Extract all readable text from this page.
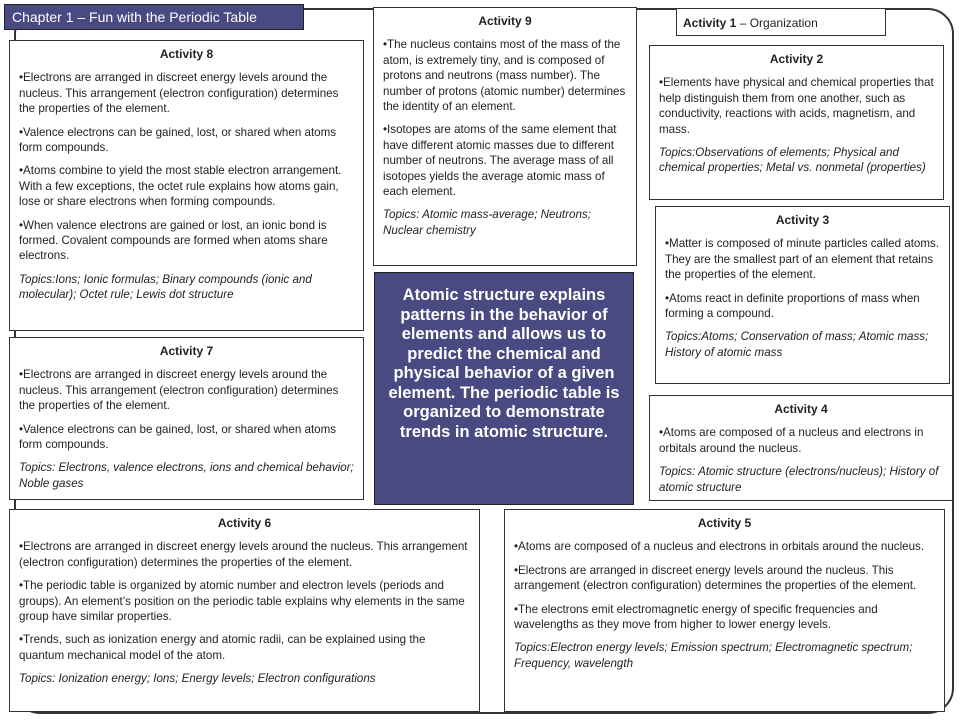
Chapter 1 – Fun with the Periodic Table	Activity 1 – Organization
Activity 8

•Electrons are arranged in discreet energy levels around the nucleus. This arrangement (electron configuration) determines the properties of the element.

•Valence electrons can be gained, lost, or shared when atoms form compounds.

•Atoms combine to yield the most stable electron arrangement. With a few exceptions, the octet rule explains how atoms gain, lose or share electrons when forming compounds.

•When valence electrons are gained or lost, an ionic bond is formed. Covalent compounds are formed when atoms share electrons.

Topics:Ions; Ionic formulas; Binary compounds (ionic and molecular); Octet rule; Lewis dot structure

Activity 9

•The nucleus contains most of the mass of the atom, is extremely tiny, and is composed of protons and neutrons (mass number). The number of protons (atomic number) determines the identity of an element.

•Isotopes are atoms of the same element that have different atomic masses due to different number of neutrons. The average mass of all isotopes yields the average atomic mass of each element.

Topics: Atomic mass-average; Neutrons; Nuclear chemistry

Activity 2

•Elements have physical and chemical properties that help distinguish them from one another, such as conductivity, reactions with acids, magnetism, and mass.

Topics:Observations of elements; Physical and chemical properties; Metal vs. nonmetal (properties)

Activity 3

•Matter is composed of minute particles called atoms. They are the smallest part of an element that retains the properties of the element.

•Atoms react in definite proportions of mass when forming a compound.

Topics:Atoms; Conservation of mass; Atomic mass; History of atomic mass

Activity 7

•Electrons are arranged in discreet energy levels around the nucleus. This arrangement (electron configuration) determines the properties of the element.

•Valence electrons can be gained, lost, or shared when atoms form compounds.

Topics: Electrons, valence electrons, ions and chemical behavior; Noble gases

Atomic structure explains patterns in the behavior of elements and allows us to predict the chemical and physical behavior of a given element. The periodic table is organized to demonstrate trends in atomic structure.
Activity 4

•Atoms are composed of a nucleus and electrons in orbitals around the nucleus.

Topics: Atomic structure (electrons/nucleus); History of atomic structure

Activity 6

•Electrons are arranged in discreet energy levels around the nucleus. This arrangement (electron configuration) determines the properties of the element.

•The periodic table is organized by atomic number and electron levels (periods and groups). An element’s position on the periodic table explains why elements in the same group have similar properties.

•Trends, such as ionization energy and atomic radii, can be explained using the quantum mechanical model of the atom.

Topics: Ionization energy; Ions; Energy levels; Electron configurations

Activity 5

•Atoms are composed of a nucleus and electrons in orbitals around the nucleus.

•Electrons are arranged in discreet energy levels around the nucleus. This arrangement (electron configuration) determines the properties of the element.

•The electrons emit electromagnetic energy of specific frequencies and wavelengths as they move from higher to lower energy levels.

Topics:Electron energy levels; Emission spectrum; Electromagnetic spectrum; Frequency, wavelength
